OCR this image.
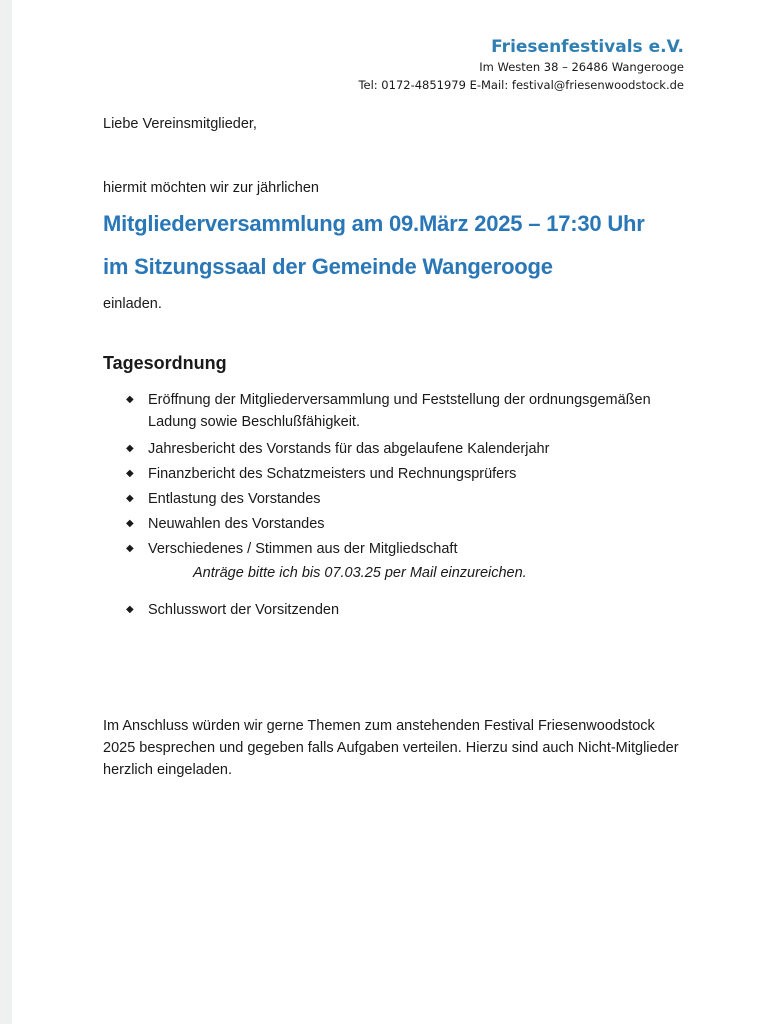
Friesenfestivals e.V.
Im Westen 38 – 26486 Wangerooge
Tel: 0172-4851979 E-Mail: festival@friesenwoodstock.de

Liebe Vereinsmitglieder,

hiermit möchten wir zur jährlichen

Mitgliederversammlung am 09.März 2025 – 17:30 Uhr
im Sitzungssaal der Gemeinde Wangerooge

einladen.

Tagesordnung
◆ Eröffnung der Mitgliederversammlung und Feststellung der ordnungsgemäßen Ladung sowie Beschlußfähigkeit.
◆ Jahresbericht des Vorstands für das abgelaufene Kalenderjahr
◆ Finanzbericht des Schatzmeisters und Rechnungsprüfers
◆ Entlastung des Vorstandes
◆ Neuwahlen des Vorstandes
◆ Verschiedenes / Stimmen aus der Mitgliedschaft
Anträge bitte ich bis 07.03.25 per Mail einzureichen.
◆ Schlusswort der Vorsitzenden

Im Anschluss würden wir gerne Themen zum anstehenden Festival Friesenwoodstock 2025 besprechen und gegeben falls Aufgaben verteilen. Hierzu sind auch Nicht-Mitglieder herzlich eingeladen.
